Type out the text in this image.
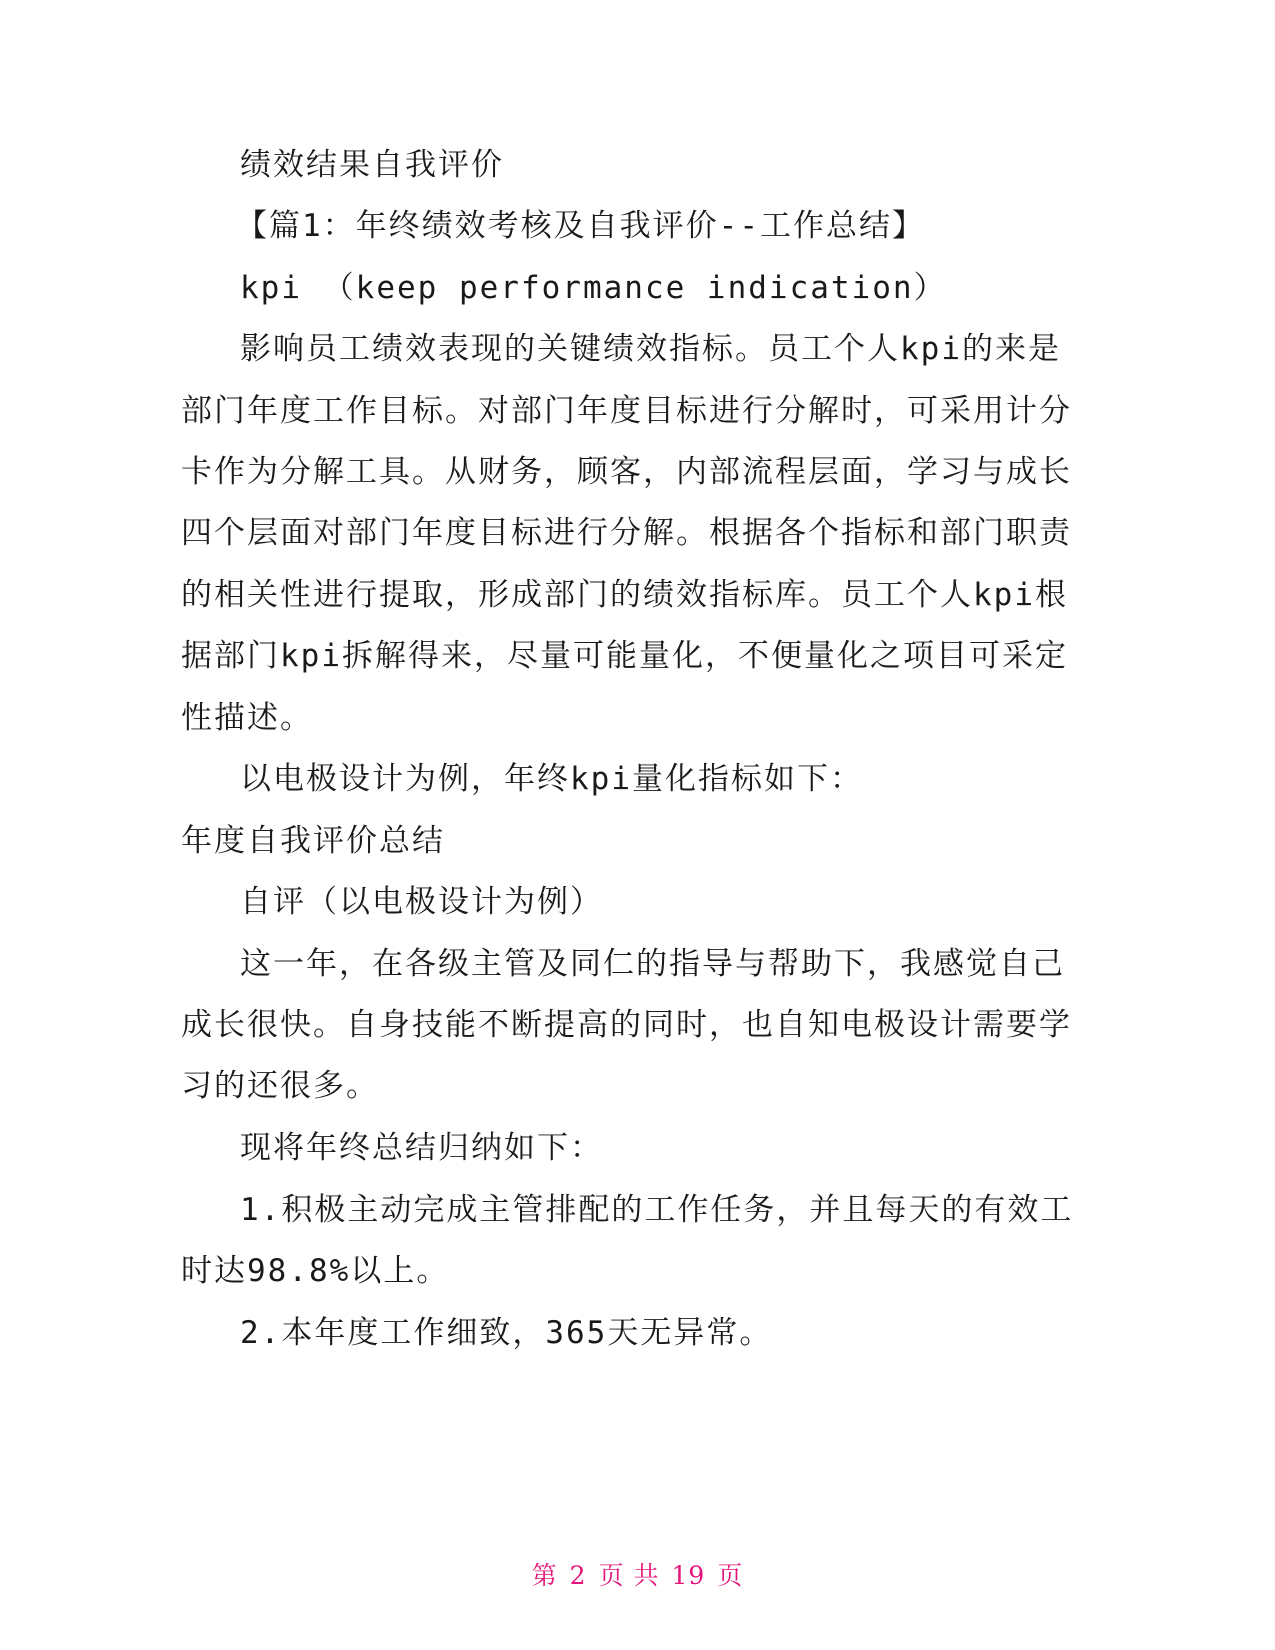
绩效结果自我评价
【篇1：年终绩效考核及自我评价--工作总结】
kpi （keep performance indication）
影响员工绩效表现的关键绩效指标。员工个人kpi的来是
部门年度工作目标。对部门年度目标进行分解时，可采用计分
卡作为分解工具。从财务，顾客，内部流程层面，学习与成长
四个层面对部门年度目标进行分解。根据各个指标和部门职责
的相关性进行提取，形成部门的绩效指标库。员工个人kpi根
据部门kpi拆解得来，尽量可能量化，不便量化之项目可采定
性描述。
以电极设计为例，年终kpi量化指标如下：
年度自我评价总结
自评（以电极设计为例）
这一年，在各级主管及同仁的指导与帮助下，我感觉自己
成长很快。自身技能不断提高的同时，也自知电极设计需要学
习的还很多。
现将年终总结归纳如下：
1.积极主动完成主管排配的工作任务，并且每天的有效工
时达98.8%以上。
2.本年度工作细致，365天无异常。
第 2 页 共 19 页
